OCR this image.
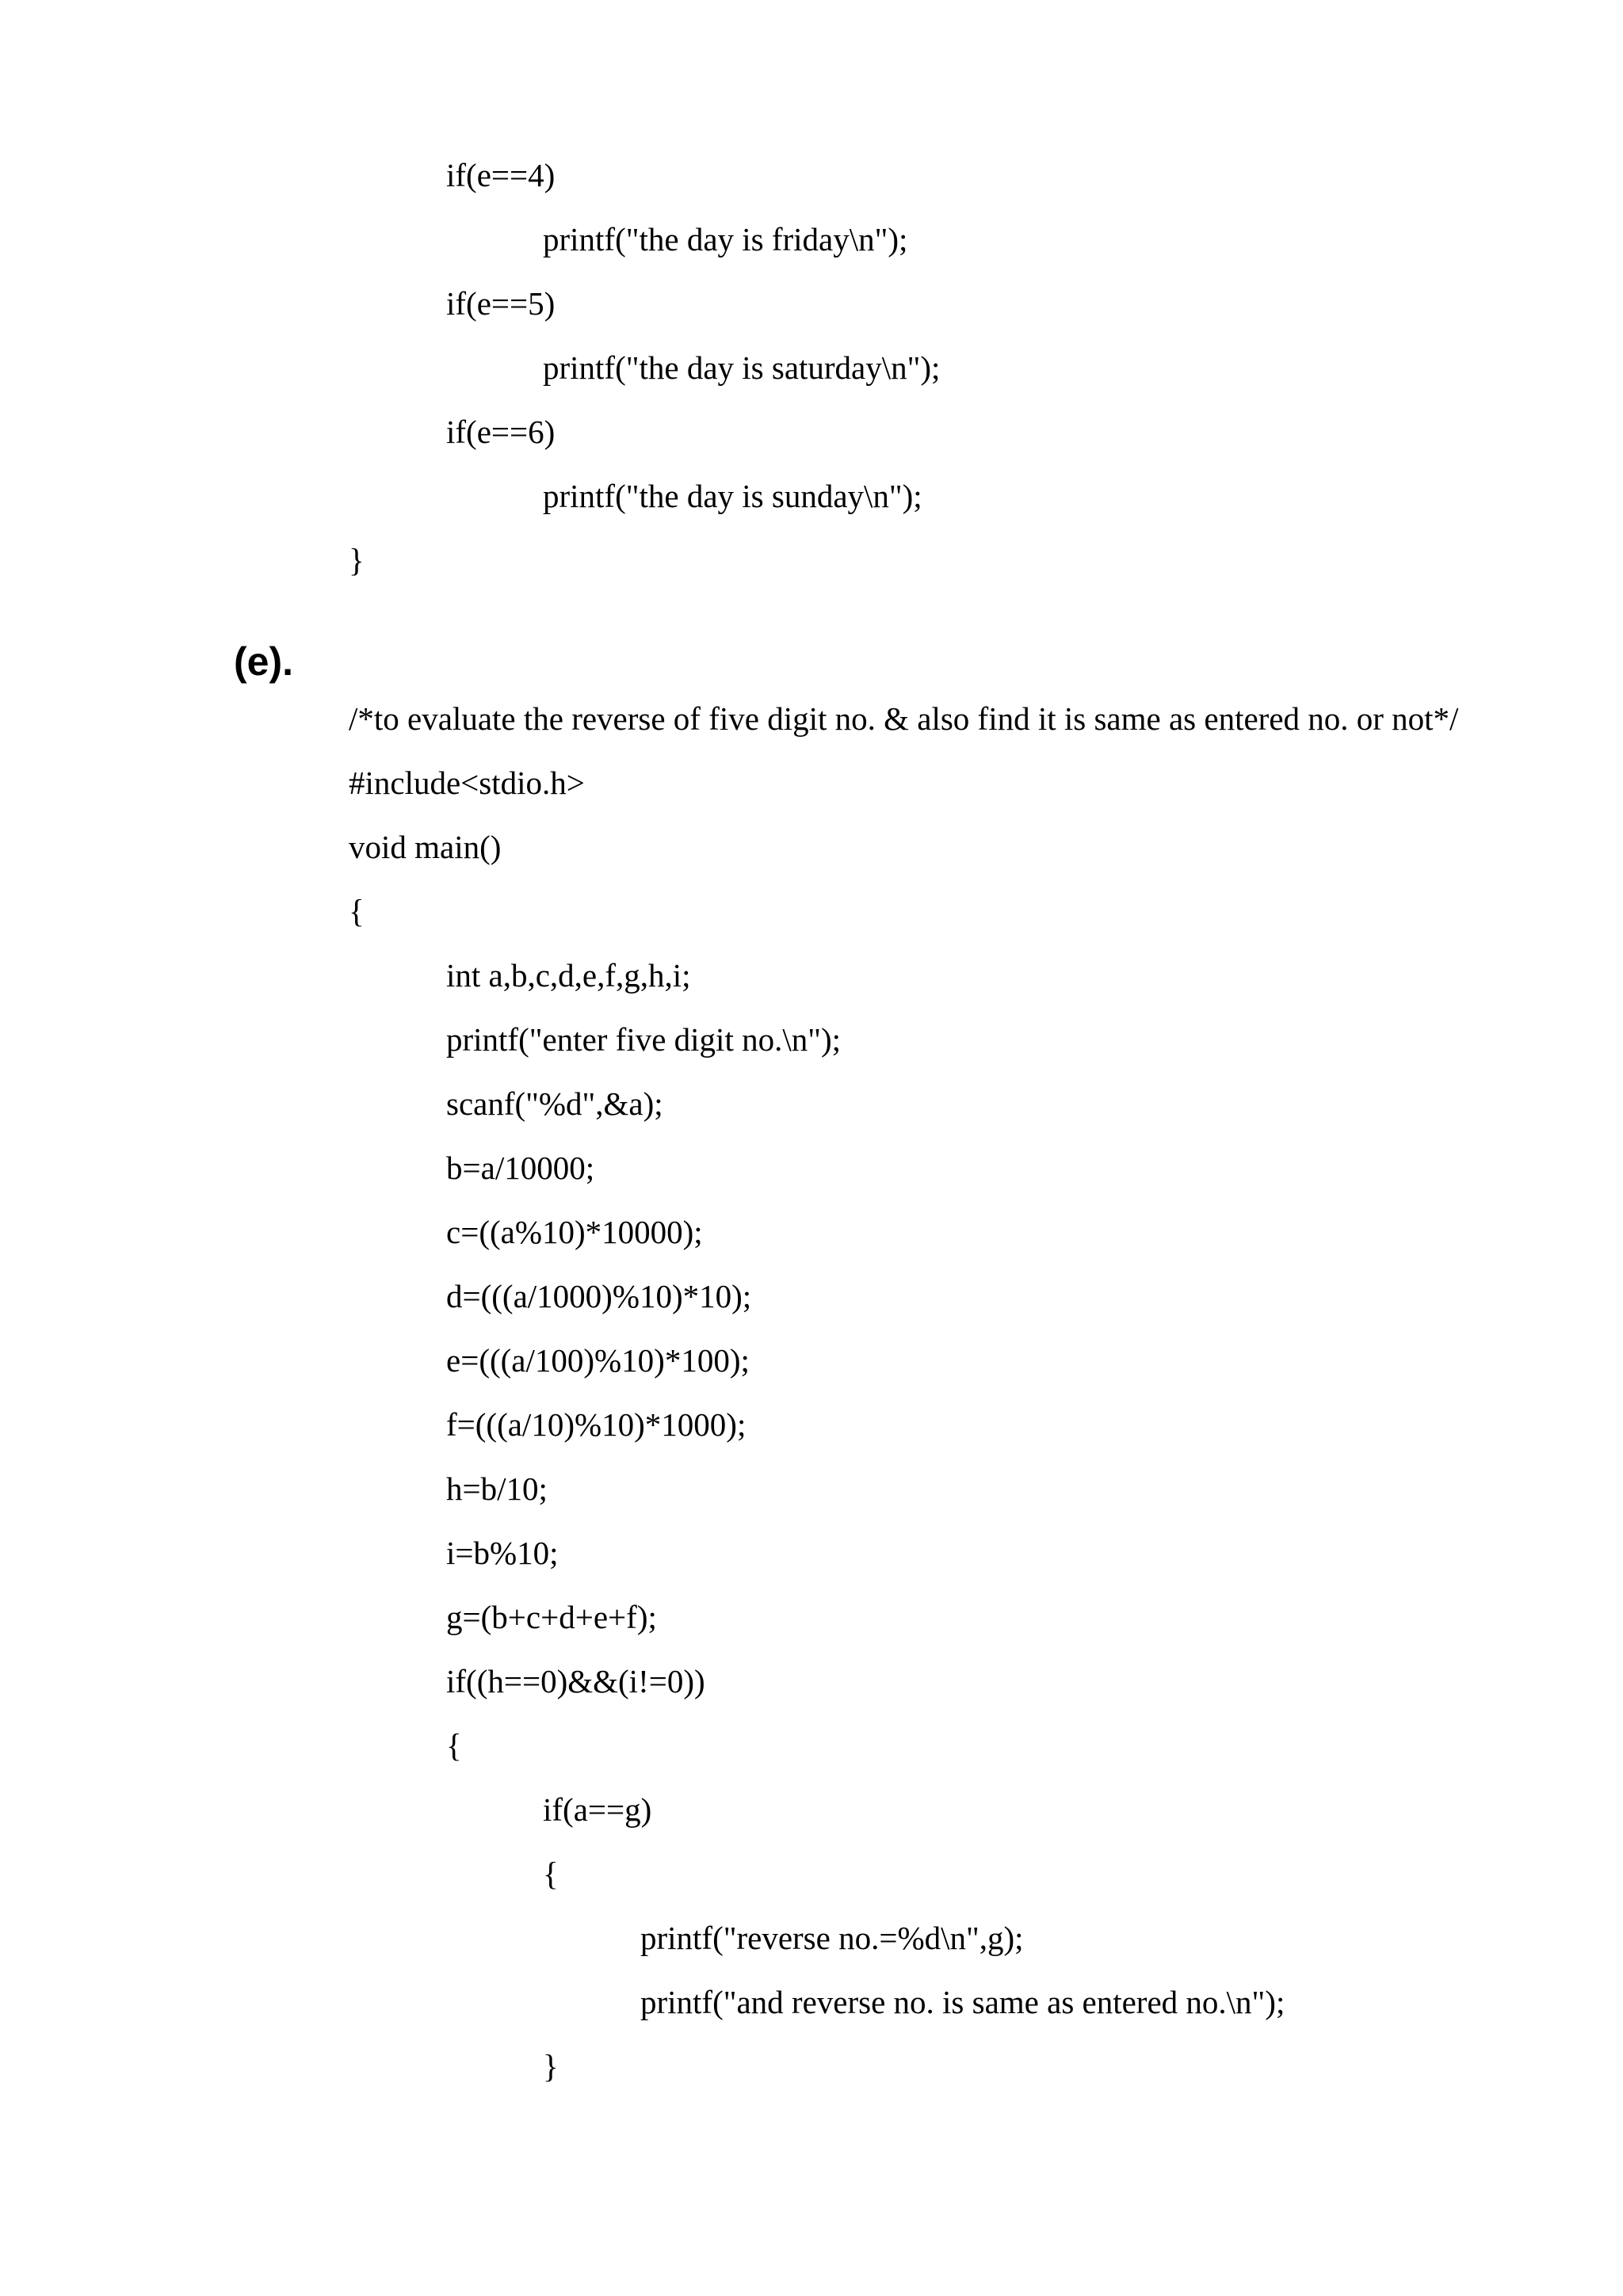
if(e==4)
printf("the day is friday\n");
if(e==5)
printf("the day is saturday\n");
if(e==6)
printf("the day is sunday\n");
}
(e).
/*to evaluate the reverse of five digit no. & also find it is same as entered no. or not*/
#include<stdio.h>
void main()
{
int a,b,c,d,e,f,g,h,i;
printf("enter five digit no.\n");
scanf("%d",&a);
b=a/10000;
c=((a%10)*10000);
d=(((a/1000)%10)*10);
e=(((a/100)%10)*100);
f=(((a/10)%10)*1000);
h=b/10;
i=b%10;
g=(b+c+d+e+f);
if((h==0)&&(i!=0))
{
if(a==g)
{
printf("reverse no.=%d\n",g);
printf("and reverse no. is same as entered no.\n");
}
